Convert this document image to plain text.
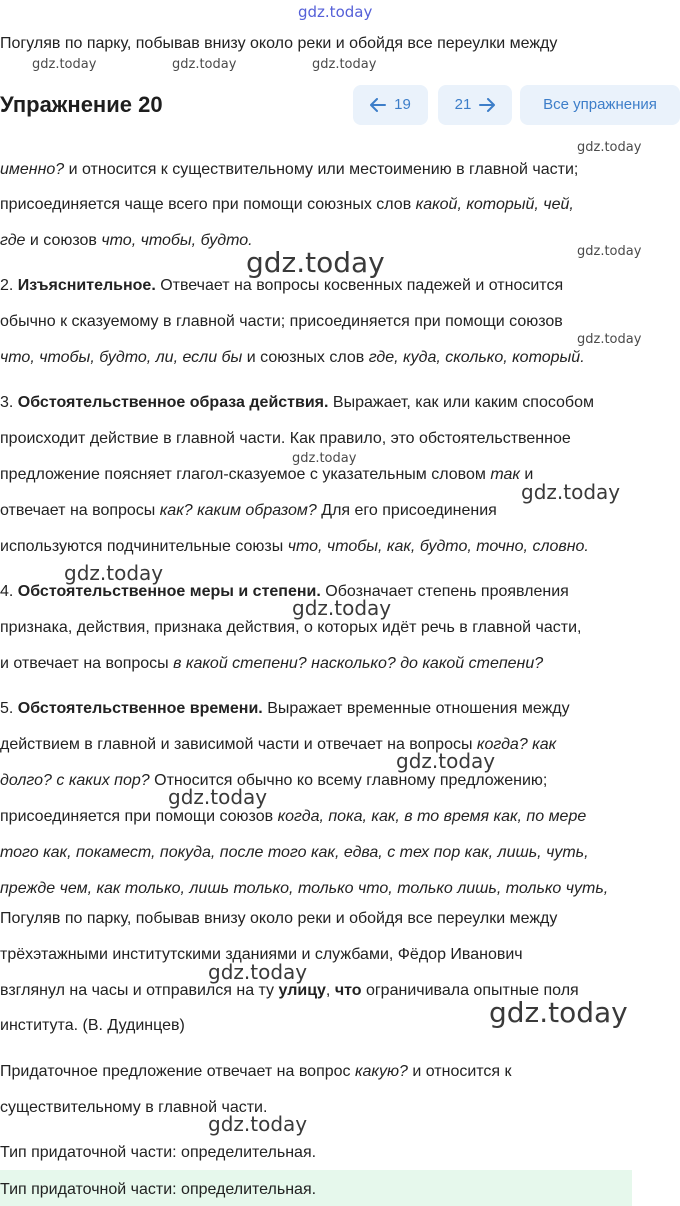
gdz.today
Погуляв по парку, побывав внизу около реки и обойдя все переулки между
gdz.today	gdz.today	gdz.today
Упражнение 20	19	21	Все упражнения
gdz.today
именно? и относится к существительному или местоимению в главной части;
присоединяется чаще всего при помощи союзных слов какой, который, чей,
где и союзов что, чтобы, будто.
gdz.today
gdz.today
2. Изъяснительное. Отвечает на вопросы косвенных падежей и относится
обычно к сказуемому в главной части; присоединяется при помощи союзов
gdz.today
что, чтобы, будто, ли, если бы и союзных слов где, куда, сколько, который.
3. Обстоятельственное образа действия. Выражает, как или каким способом
происходит действие в главной части. Как правило, это обстоятельственное
предложение поясняет глагол-сказуемое с указательным словом так и
gdz.today
gdz.today
отвечает на вопросы как? каким образом? Для его присоединения
используются подчинительные союзы что, чтобы, как, будто, точно, словно.
gdz.today
4. Обстоятельственное меры и степени. Обозначает степень проявления
gdz.today
признака, действия, признака действия, о которых идёт речь в главной части,
и отвечает на вопросы в какой степени? насколько? до какой степени?
5. Обстоятельственное времени. Выражает временные отношения между
действием в главной и зависимой части и отвечает на вопросы когда? как
gdz.today
долго? с каких пор? Относится обычно ко всему главному предложению;
gdz.today
присоединяется при помощи союзов когда, пока, как, в то время как, по мере
того как, покамест, покуда, после того как, едва, с тех пор как, лишь, чуть,
прежде чем, как только, лишь только, только что, только лишь, только чуть,
Погуляв по парку, побывав внизу около реки и обойдя все переулки между
трёхэтажными институтскими зданиями и службами, Фёдор Иванович
gdz.today
взглянул на часы и отправился на ту улицу, что ограничивала опытные поля
gdz.today
института. (В. Дудинцев)
Придаточное предложение отвечает на вопрос какую? и относится к
существительному в главной части.
gdz.today
Тип придаточной части: определительная.
Тип придаточной части: определительная.
